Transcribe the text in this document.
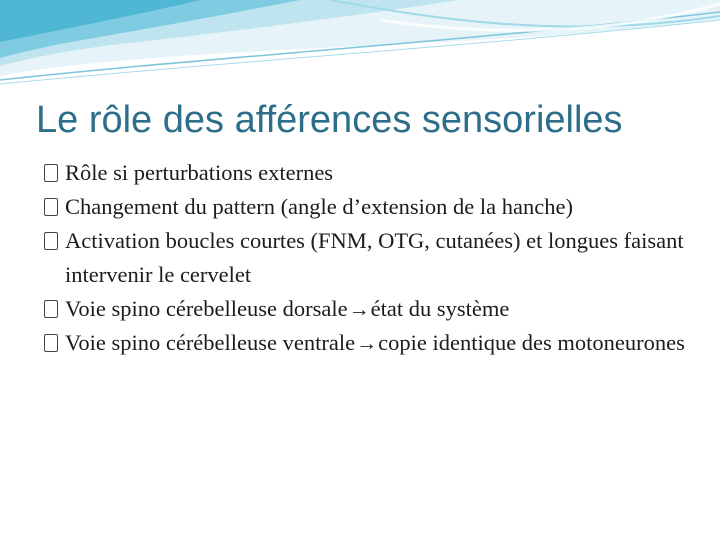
Le rôle des afférences sensorielles
Rôle si perturbations externes
Changement du pattern (angle d’extension de la hanche)
Activation boucles courtes (FNM, OTG, cutanées) et longues faisant intervenir le cervelet
Voie spino cérebelleuse dorsale→état du système
Voie spino cérébelleuse ventrale→copie identique des motoneurones
